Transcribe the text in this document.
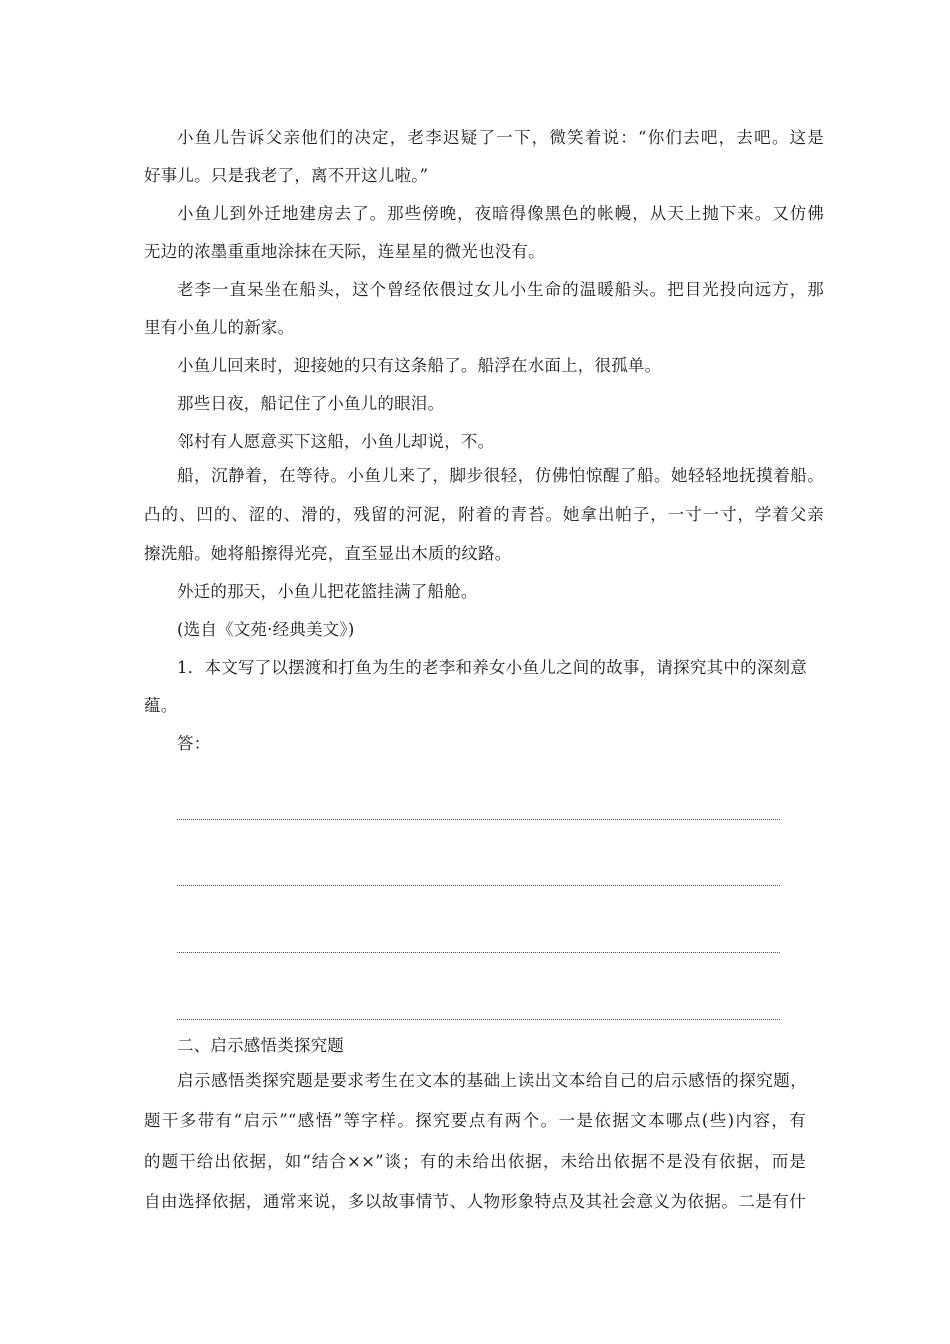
小鱼儿告诉父亲他们的决定，老李迟疑了一下，微笑着说：“你们去吧，去吧。这是
好事儿。只是我老了，离不开这儿啦。”
小鱼儿到外迁地建房去了。那些傍晚，夜暗得像黑色的帐幔，从天上抛下来。又仿佛
无边的浓墨重重地涂抹在天际，连星星的微光也没有。
老李一直呆坐在船头，这个曾经依偎过女儿小生命的温暖船头。把目光投向远方，那
里有小鱼儿的新家。
小鱼儿回来时，迎接她的只有这条船了。船浮在水面上，很孤单。
那些日夜，船记住了小鱼儿的眼泪。
邻村有人愿意买下这船，小鱼儿却说，不。
船，沉静着，在等待。小鱼儿来了，脚步很轻，仿佛怕惊醒了船。她轻轻地抚摸着船。
凸的、凹的、涩的、滑的，残留的河泥，附着的青苔。她拿出帕子，一寸一寸，学着父亲
擦洗船。她将船擦得光亮，直至显出木质的纹路。
外迁的那天，小鱼儿把花篮挂满了船舱。
(选自《文苑·经典美文》)
1．本文写了以摆渡和打鱼为生的老李和养女小鱼儿之间的故事，请探究其中的深刻意
蕴。
答：
二、启示感悟类探究题
启示感悟类探究题是要求考生在文本的基础上读出文本给自己的启示感悟的探究题，
题干多带有“启示”“感悟”等字样。探究要点有两个。一是依据文本哪点(些)内容，有
的题干给出依据，如“结合××”谈；有的未给出依据，未给出依据不是没有依据，而是
自由选择依据，通常来说，多以故事情节、人物形象特点及其社会意义为依据。二是有什
